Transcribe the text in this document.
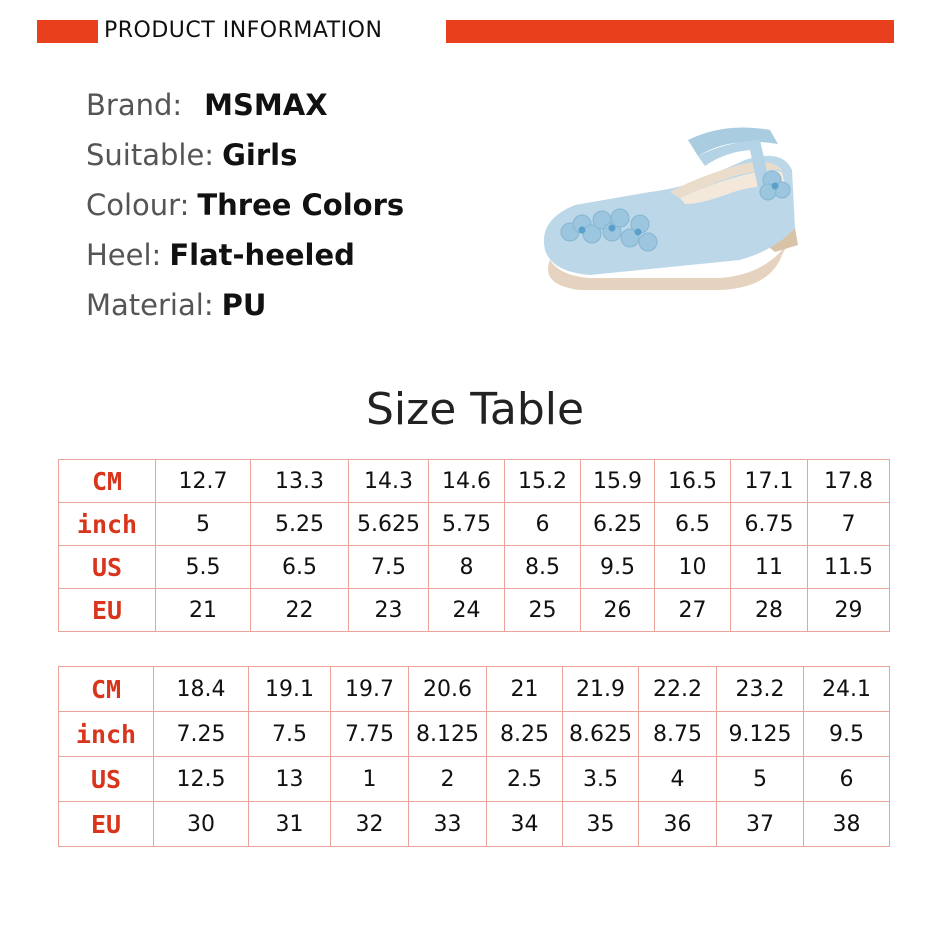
PRODUCT INFORMATION
Brand: MSMAX
Suitable: Girls
Colour: Three Colors
Heel: Flat-heeled
Material: PU
Size Table
CM	12.7	13.3	14.3	14.6	15.2	15.9	16.5	17.1	17.8
inch	5	5.25	5.625	5.75	6	6.25	6.5	6.75	7
US	5.5	6.5	7.5	8	8.5	9.5	10	11	11.5
EU	21	22	23	24	25	26	27	28	29
CM	18.4	19.1	19.7	20.6	21	21.9	22.2	23.2	24.1
inch	7.25	7.5	7.75	8.125	8.25	8.625	8.75	9.125	9.5
US	12.5	13	1	2	2.5	3.5	4	5	6
EU	30	31	32	33	34	35	36	37	38
